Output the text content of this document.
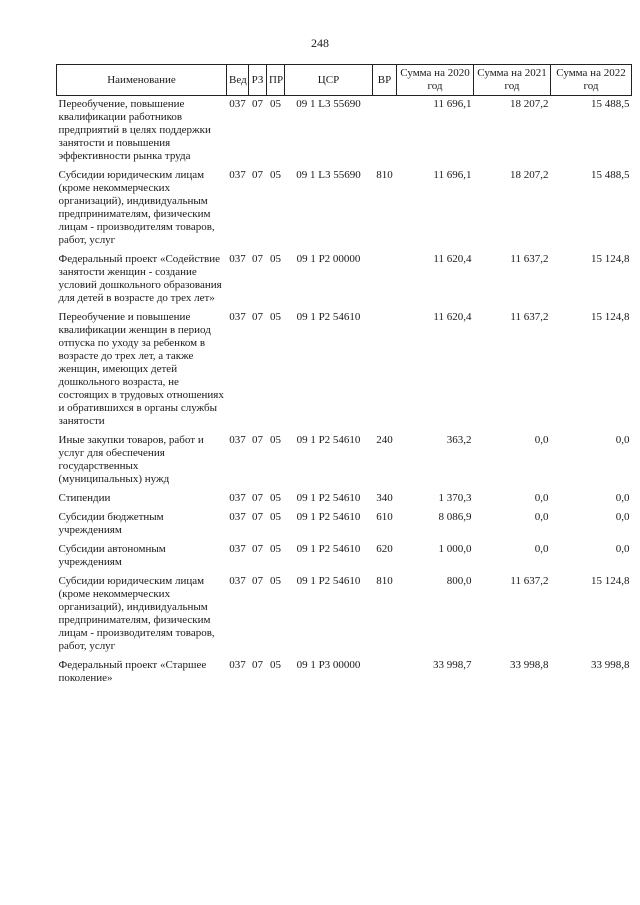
248
Наименование	Вед	РЗ	ПР	ЦСР	ВР	Сумма на 2020 год	Сумма на 2021 год	Сумма на 2022 год
Переобучение, повышение квалификации работников предприятий в целях поддержки занятости и повышения эффективности рынка труда	037	07	05	09 1 L3 55690		11 696,1	18 207,2	15 488,5
Субсидии юридическим лицам (кроме некоммерческих организаций), индивидуальным предпринимателям, физическим лицам - производителям товаров, работ, услуг	037	07	05	09 1 L3 55690	810	11 696,1	18 207,2	15 488,5
Федеральный проект «Содействие занятости женщин - создание условий дошкольного образования для детей в возрасте до трех лет»	037	07	05	09 1 P2 00000		11 620,4	11 637,2	15 124,8
Переобучение и повышение квалификации женщин в период отпуска по уходу за ребенком в возрасте до трех лет, а также женщин, имеющих детей дошкольного возраста, не состоящих в трудовых отношениях и обратившихся в органы службы занятости	037	07	05	09 1 P2 54610		11 620,4	11 637,2	15 124,8
Иные закупки товаров, работ и услуг для обеспечения государственных (муниципальных) нужд	037	07	05	09 1 P2 54610	240	363,2	0,0	0,0
Стипендии	037	07	05	09 1 P2 54610	340	1 370,3	0,0	0,0
Субсидии бюджетным учреждениям	037	07	05	09 1 P2 54610	610	8 086,9	0,0	0,0
Субсидии автономным учреждениям	037	07	05	09 1 P2 54610	620	1 000,0	0,0	0,0
Субсидии юридическим лицам (кроме некоммерческих организаций), индивидуальным предпринимателям, физическим лицам - производителям товаров, работ, услуг	037	07	05	09 1 P2 54610	810	800,0	11 637,2	15 124,8
Федеральный проект «Старшее поколение»	037	07	05	09 1 P3 00000		33 998,7	33 998,8	33 998,8
